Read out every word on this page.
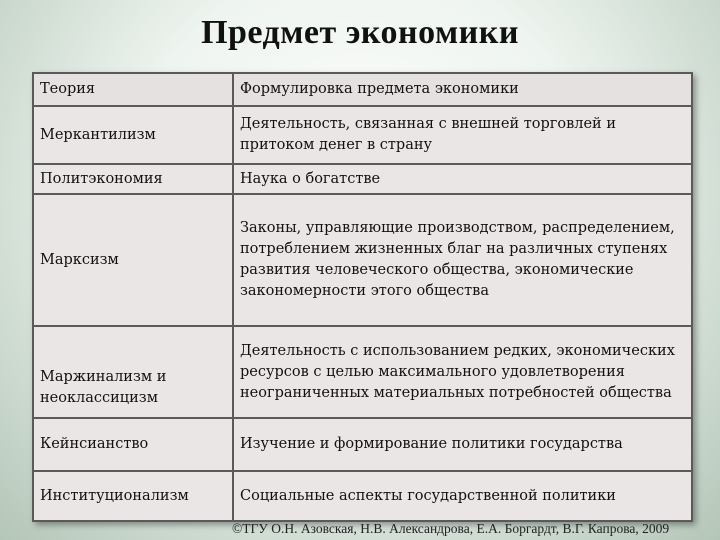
Предмет экономики
Теория	Формулировка предмета экономики
Меркантилизм	Деятельность, связанная с внешней торговлей и притоком денег в страну
Политэкономия	Наука о богатстве
Марксизм	Законы, управляющие производством, распределением, потреблением жизненных благ на различных ступенях развития человеческого общества, экономические закономерности этого общества
Маржинализм и неоклассицизм	Деятельность с использованием редких, экономических ресурсов с целью максимального удовлетворения неограниченных материальных потребностей общества
Кейнсианство	Изучение и формирование политики государства
Институционализм	Социальные аспекты государственной политики
©ТГУ О.Н. Азовская, Н.В. Александрова, Е.А. Боргардт, В.Г. Капрова, 2009
